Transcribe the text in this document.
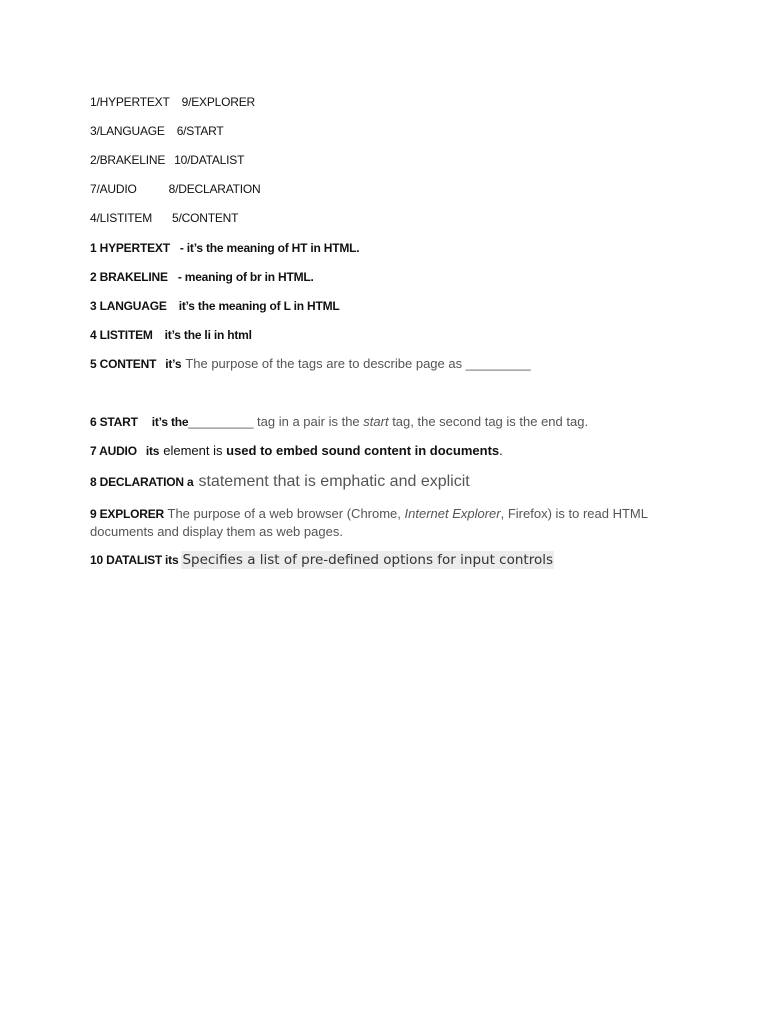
1/HYPERTEXT 9/EXPLORER
3/LANGUAGE 6/START
2/BRAKELINE 10/DATALIST
7/AUDIO	8/DECLARATION
4/LISTITEM 5/CONTENT
1 HYPERTEXT - it’s the meaning of HT in HTML.
2 BRAKELINE - meaning of br in HTML.
3 LANGUAGE it’s the meaning of L in HTML
4 LISTITEM it’s the li in html
5 CONTENT it’s The purpose of the tags are to describe page as _________
6 START it’s the_________ tag in a pair is the start tag, the second tag is the end tag.
7 AUDIO its element is used to embed sound content in documents.
8 DECLARATION a statement that is emphatic and explicit
9 EXPLORER The purpose of a web browser (Chrome, Internet Explorer, Firefox) is to read HTML documents and display them as web pages.
10 DATALIST its Specifies a list of pre-defined options for input controls
